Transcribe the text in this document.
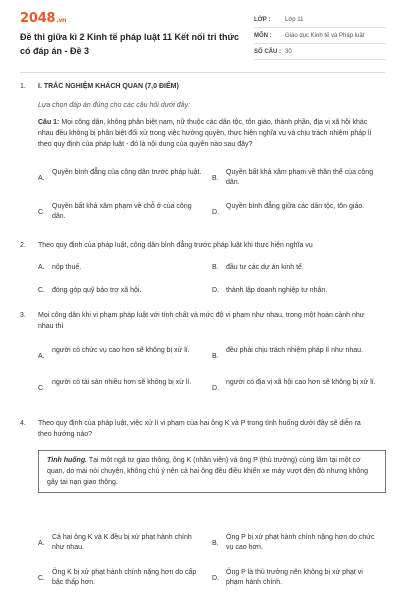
2048.vn
Đề thi giữa kì 2 Kinh tế pháp luật 11 Kết nối tri thức có đáp án - Đề 3
LỚP :	Lớp 11
MÔN :	Giáo dục Kinh tế và Pháp luật
SỐ CÂU : 30
1.	I. TRẮC NGHIỆM KHÁCH QUAN (7,0 ĐIỂM)
Lựa chọn đáp án đúng cho các câu hỏi dưới đây:
Câu 1: Mọi công dân, không phân biệt nam, nữ thuộc các dân tộc, tôn giáo, thành phần, địa vị xã hội khác nhau đều không bị phân biệt đối xử trong việc hưởng quyền, thực hiện nghĩa vụ và chịu trách nhiệm pháp lí theo quy định của pháp luật - đó là nội dung của quyền nào sau đây?
A.
Quyền bình đẳng của công dân trước pháp luật.
B.
Quyền bất khả xâm phạm về thân thể của công dân.
C.
Quyền bất khả xâm phạm về chỗ ở của công dân.
D.
Quyền bình đẳng giữa các dân tộc, tôn giáo.
2.	Theo quy định của pháp luật, công dân bình đẳng trước pháp luật khi thực hiện nghĩa vụ
A. nộp thuế.	B. đầu tư các dự án kinh tế.
C. đóng góp quỹ bảo trợ xã hội.	D. thành lập doanh nghiệp tư nhân.
3.	Mọi công dân khi vi phạm pháp luật với tính chất và mức độ vi phạm như nhau, trong một hoàn cảnh như nhau thì
A.
người có chức vụ cao hơn sẽ không bị xử lí.
B.
đều phải chịu trách nhiệm pháp lí như nhau.
C.
người có tài sản nhiều hơn sẽ không bị xử lí.
D.
người có địa vị xã hội cao hơn sẽ không bị xử lí.
4.	Theo quy định của pháp luật, việc xử lí vi phạm của hai ông K và P trong tình huống dưới đây sẽ diễn ra theo hướng nào?
Tình huống. Tại một ngã tư giao thông, ông K (nhân viên) và ông P (thủ trưởng) cùng lâm tại một cơ quan, do mải nói chuyện, không chú ý nên cả hai ông đều điều khiển xe máy vượt đèn đỏ nhưng không gây tai nạn giao thông.
A.
Cả hai ông K và K đều bị xử phạt hành chính như nhau.
B.
Ông P bị xử phạt hành chính nặng hơn do chức vụ cao hơn.
C.
Ông K bị xử phạt hành chính nặng hơn do cấp bậc thấp hơn.
D.
Ông P là thủ trưởng nên không bị xử phạt vi phạm hành chính.
